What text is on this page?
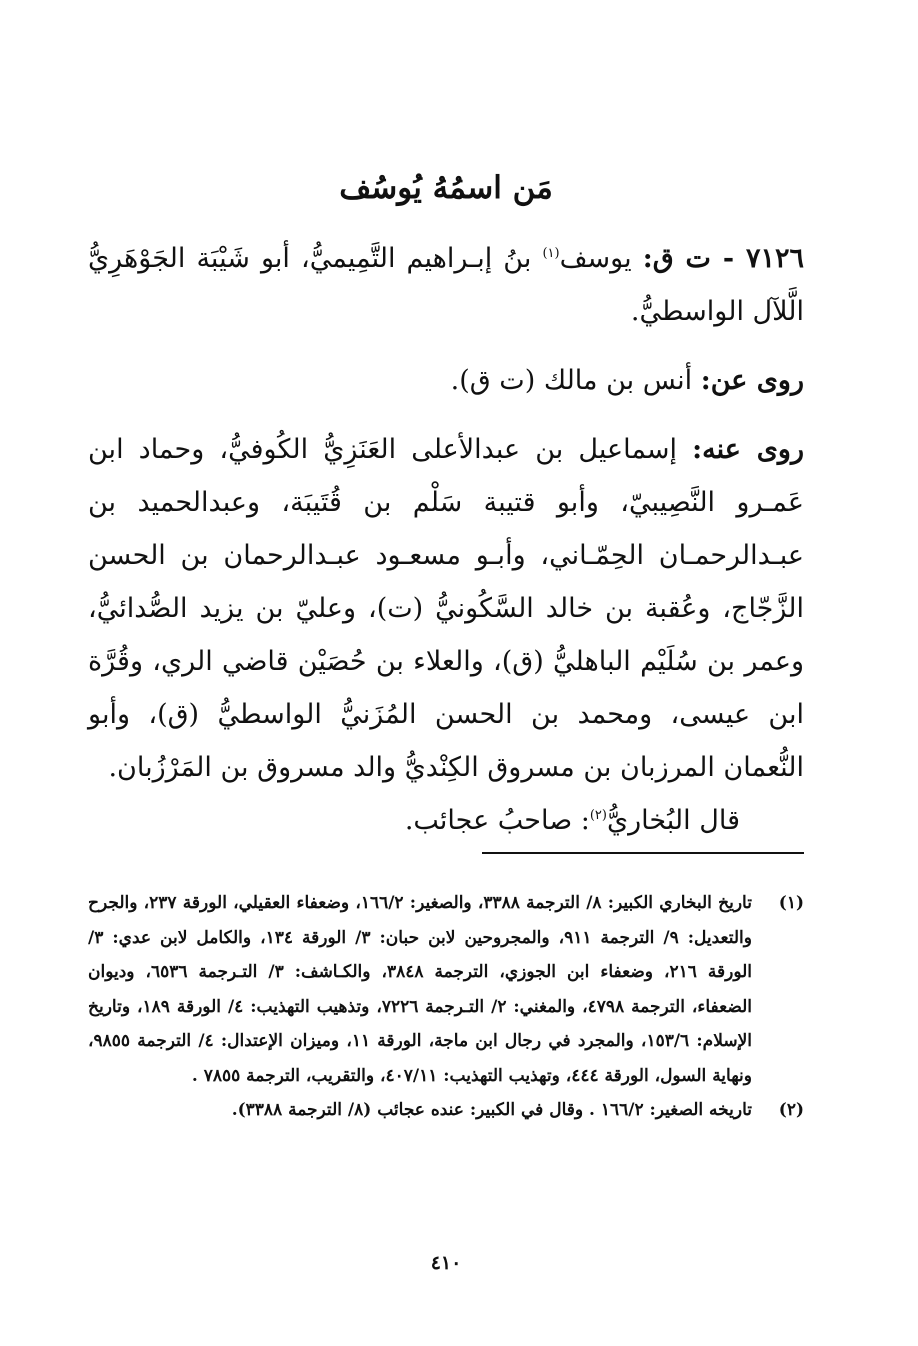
مَن اسمُهُ يُوسُف

٧١٢٦ - ت ق: يوسف$^{(١)}$ بنُ إبـراهيم التَّمِيميُّ، أبو شَيْبَة الجَوْهَرِيُّ الَّلآل الواسطيُّ.

روى عن: أنس بن مالك (ت ق).

روى عنه: إسماعيل بن عبدالأعلى العَنَزِيُّ الكُوفيُّ، وحماد ابن عَمـرو النَّصِيبيّ، وأبو قتيبة سَلْم بن قُتَيبَة، وعبدالحميد بن عبـدالرحمـان الحِمّـاني، وأبـو مسعـود عبـدالرحمان بن الحسن الزَّجّاج، وعُقبة بن خالد السَّكُونيُّ (ت)، وعليّ بن يزيد الصُّدائيُّ، وعمر بن سُلَيْم الباهليُّ (ق)، والعلاء بن حُصَيْن قاضي الري، وقُرَّة ابن عيسى، ومحمد بن الحسن المُزَنيُّ الواسطيُّ (ق)، وأبو النُّعمان المرزبان بن مسروق الكِنْديُّ والد مسروق بن المَرْزُبان.

قال البُخاريُّ$^{(٢)}$: صاحبُ عجائب.

(١)
تاريخ البخاري الكبير: ٨/ الترجمة ٣٣٨٨، والصغير: ١٦٦/٢، وضعفاء العقيلي، الورقة ٢٣٧، والجرح والتعديل: ٩/ الترجمة ٩١١، والمجروحين لابن حبان: ٣/ الورقة ١٣٤، والكامل لابن عدي: ٣/ الورقة ٢١٦، وضعفاء ابن الجوزي، الترجمة ٣٨٤٨، والكـاشف: ٣/ التـرجمة ٦٥٣٦، وديوان الضعفاء، الترجمة ٤٧٩٨، والمغني: ٢/ التـرجمة ٧٢٢٦، وتذهيب التهذيب: ٤/ الورقة ١٨٩، وتاريخ الإسلام: ١٥٣/٦، والمجرد في رجال ابن ماجة، الورقة ١١، وميزان الإعتدال: ٤/ الترجمة ٩٨٥٥، ونهاية السول، الورقة ٤٤٤، وتهذيب التهذيب: ٤٠٧/١١، والتقريب، الترجمة ٧٨٥٥ .
(٢)
تاريخه الصغير: ١٦٦/٢ . وقال في الكبير: عنده عجائب (٨/ الترجمة ٣٣٨٨).
٤١٠
